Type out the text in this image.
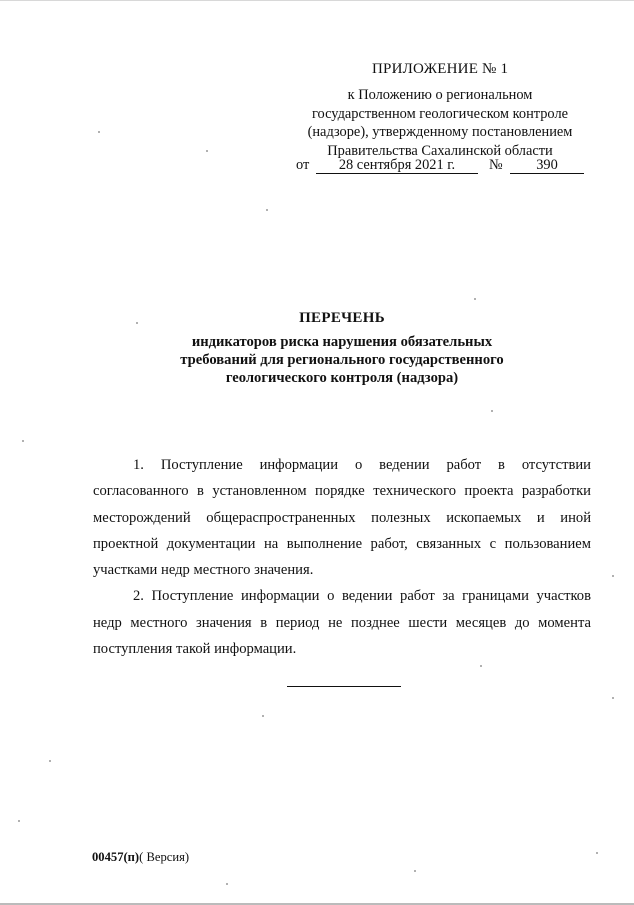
ПРИЛОЖЕНИЕ № 1
к Положению о региональном
государственном геологическом контроле
(надзоре), утвержденному постановлением
Правительства Сахалинской области
от	28 сентября 2021 г.	№	390
ПЕРЕЧЕНЬ
индикаторов риска нарушения обязательных
требований для регионального государственного
геологического контроля (надзора)

1. Поступление информации о ведении работ в отсутствии согласованного в установленном порядке технического проекта разработки месторождений общераспространенных полезных ископаемых и иной проектной документации на выполнение работ, связанных с пользованием участками недр местного значения.

2. Поступление информации о ведении работ за границами участков недр местного значения в период не позднее шести месяцев до момента поступления такой информации.

00457(п)( Версия)
